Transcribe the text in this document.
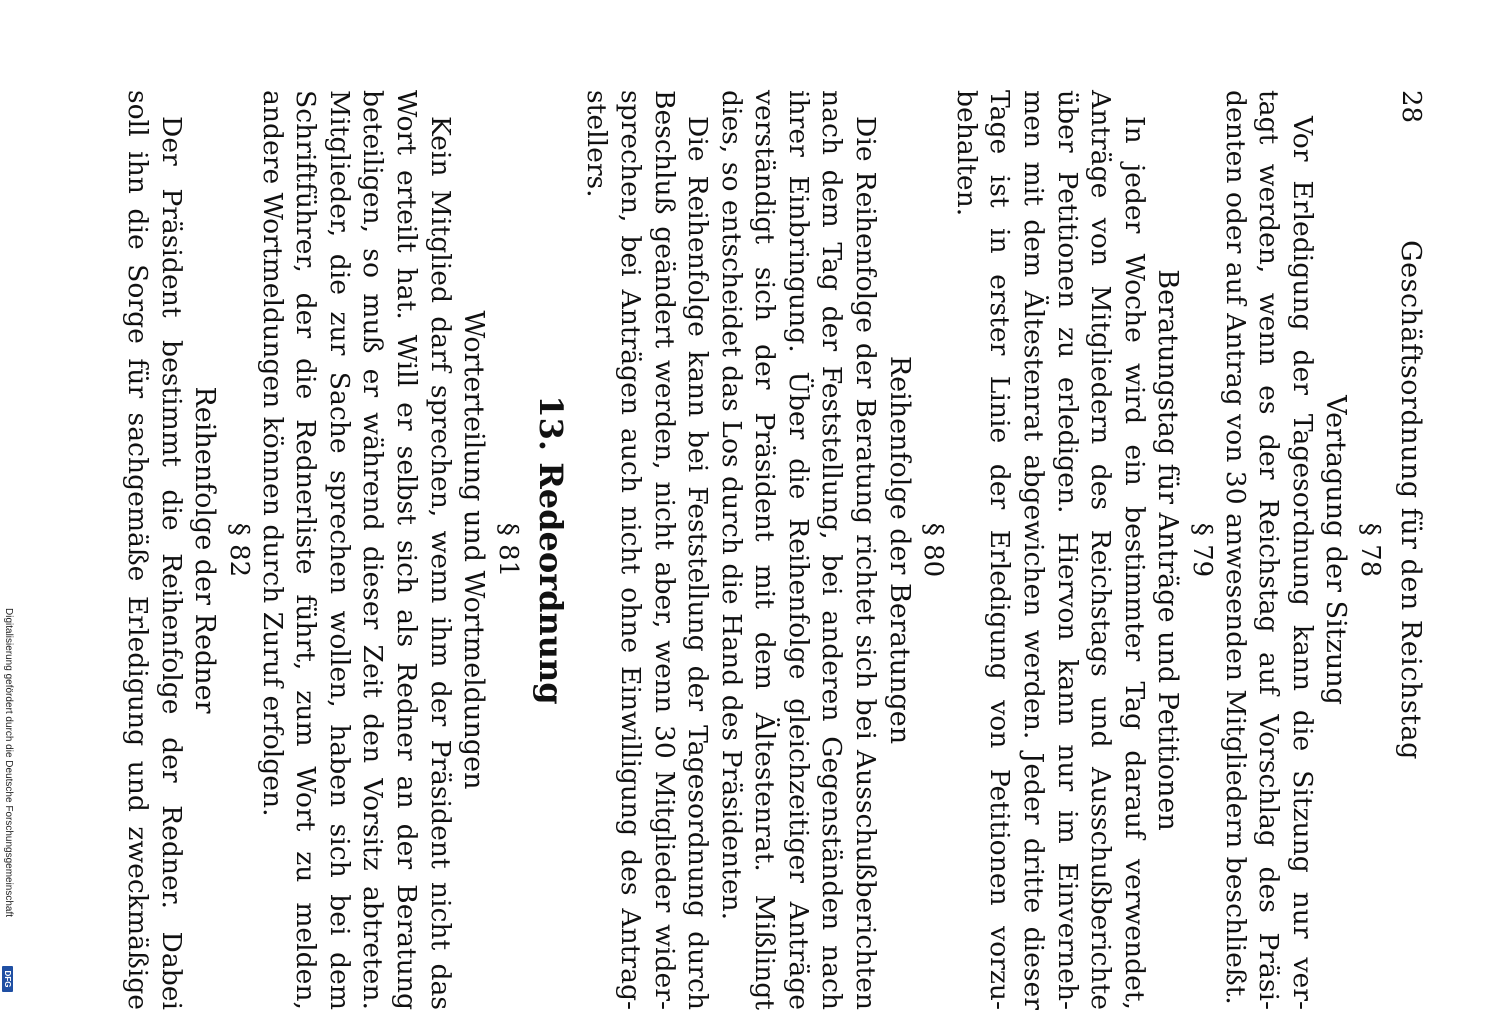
28
Geschäftsordnung für den Reichstag
§ 78
Vertagung der Sitzung
Vor Erledigung der Tagesordnung kann die Sitzung nur ver-
tagt werden, wenn es der Reichstag auf Vorschlag des Präsi-
denten oder auf Antrag von 30 anwesenden Mitgliedern beschließt.
§ 79
Beratungstag für Anträge und Petitionen
In jeder Woche wird ein bestimmter Tag darauf verwendet,
Anträge von Mitgliedern des Reichstags und Ausschußberichte
über Petitionen zu erledigen. Hiervon kann nur im Einverneh-
men mit dem Ältestenrat abgewichen werden. Jeder dritte dieser
Tage ist in erster Linie der Erledigung von Petitionen vorzu-
behalten.
§ 80
Reihenfolge der Beratungen
Die Reihenfolge der Beratung richtet sich bei Ausschußberichten
nach dem Tag der Feststellung, bei anderen Gegenständen nach
ihrer Einbringung. Über die Reihenfolge gleichzeitiger Anträge
verständigt sich der Präsident mit dem Ältestenrat. Mißlingt
dies, so entscheidet das Los durch die Hand des Präsidenten.
Die Reihenfolge kann bei Feststellung der Tagesordnung durch
Beschluß geändert werden, nicht aber, wenn 30 Mitglieder wider-
sprechen, bei Anträgen auch nicht ohne Einwilligung des Antrag-
stellers.
13. Redeordnung
§ 81
Worterteilung und Wortmeldungen
Kein Mitglied darf sprechen, wenn ihm der Präsident nicht das
Wort erteilt hat. Will er selbst sich als Redner an der Beratung
beteiligen, so muß er während dieser Zeit den Vorsitz abtreten.
Mitglieder, die zur Sache sprechen wollen, haben sich bei dem
Schriftführer, der die Rednerliste führt, zum Wort zu melden,
andere Wortmeldungen können durch Zuruf erfolgen.
§ 82
Reihenfolge der Redner
Der Präsident bestimmt die Reihenfolge der Redner. Dabei
soll ihn die Sorge für sachgemäße Erledigung und zweckmäßige
Digitalisierung gefördert durch die Deutsche Forschungsgemeinschaft
DFG
